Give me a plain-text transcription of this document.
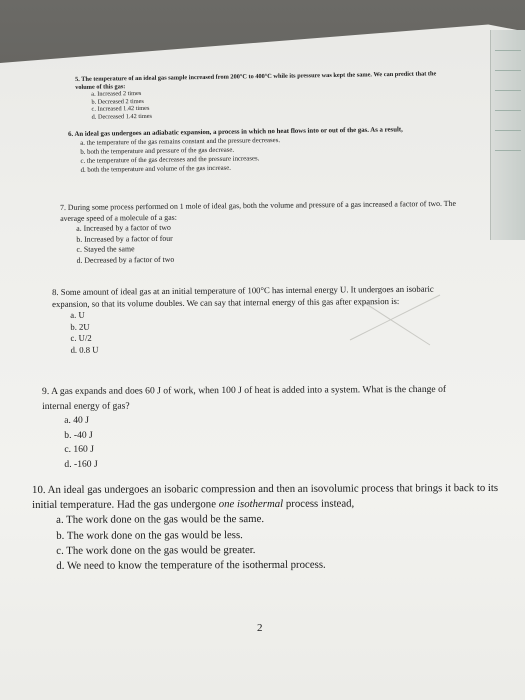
5. The temperature of an ideal gas sample increased from 200°C to 400°C while its pressure was kept the same. We can predict that the volume of this gas:
a. Increased 2 times
b. Decreased 2 times
c. Increased 1.42 times
d. Decreased 1.42 times
6. An ideal gas undergoes an adiabatic expansion, a process in which no heat flows into or out of the gas. As a result,
a. the temperature of the gas remains constant and the pressure decreases.
b. both the temperature and pressure of the gas decrease.
c. the temperature of the gas decreases and the pressure increases.
d. both the temperature and volume of the gas increase.
7. During some process performed on 1 mole of ideal gas, both the volume and pressure of a gas increased a factor of two. The average speed of a molecule of a gas:
a. Increased by a factor of two
b. Increased by a factor of four
c. Stayed the same
d. Decreased by a factor of two
8. Some amount of ideal gas at an initial temperature of 100°C has internal energy U. It undergoes an isobaric expansion, so that its volume doubles. We can say that internal energy of this gas after expansion is:
a. U
b. 2U
c. U/2
d. 0.8 U
9. A gas expands and does 60 J of work, when 100 J of heat is added into a system. What is the change of internal energy of gas?
a. 40 J
b. -40 J
c. 160 J
d. -160 J
10. An ideal gas undergoes an isobaric compression and then an isovolumic process that brings it back to its initial temperature. Had the gas undergone one isothermal process instead,
a. The work done on the gas would be the same.
b. The work done on the gas would be less.
c. The work done on the gas would be greater.
d. We need to know the temperature of the isothermal process.
2
